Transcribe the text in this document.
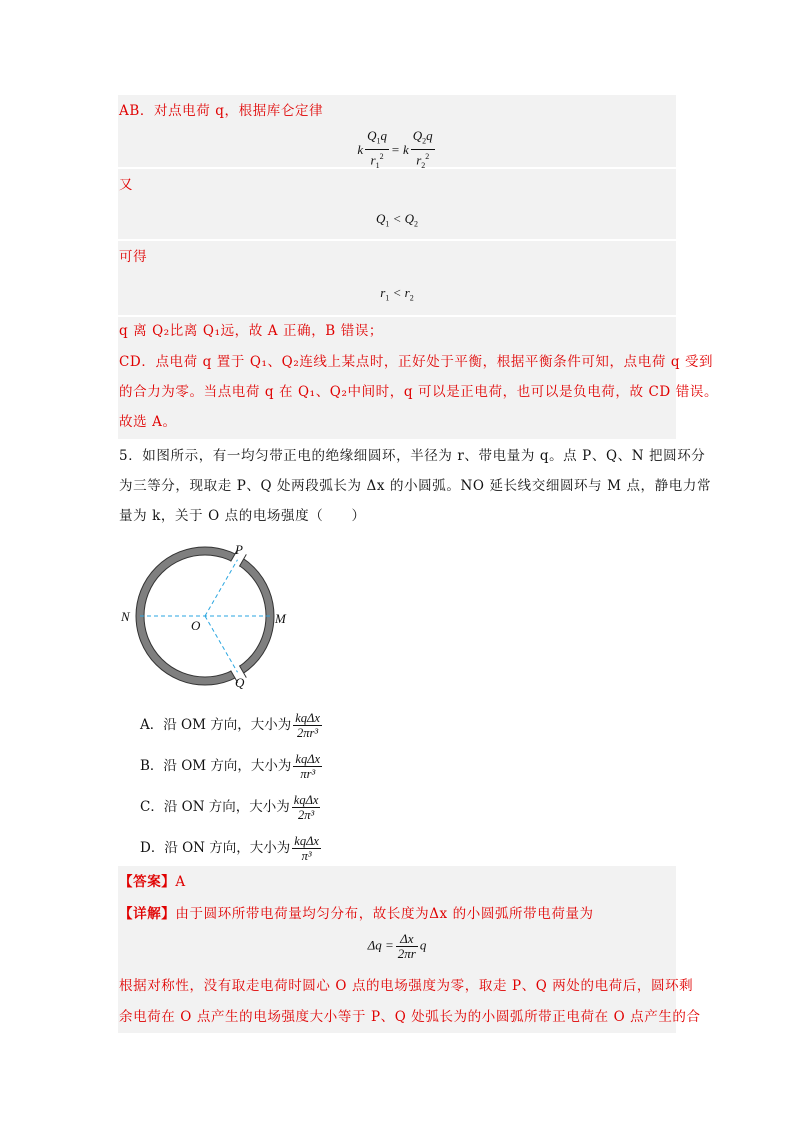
AB．对点电荷 q，根据库仑定律
k $\frac{Q_1q}{r_1^2} = k \frac{Q_2q}{r_2^2}$
又
$Q_1 < Q_2$
可得
$r_1 < r_2$
q 离 Q₂比离 Q₁远，故 A 正确，B 错误；
CD．点电荷 q 置于 Q₁、Q₂连线上某点时，正好处于平衡，根据平衡条件可知，点电荷 q 受到
的合力为零。当点电荷 q 在 Q₁、Q₂中间时，q 可以是正电荷，也可以是负电荷，故 CD 错误。
故选 A。
5．如图所示，有一均匀带正电的绝缘细圆环，半径为 r、带电量为 q。点 P、Q、N 把圆环分
为三等分，现取走 P、Q 处两段弧长为 Δx 的小圆弧。NO 延长线交细圆环与 M 点，静电力常
量为 k，关于 O 点的电场强度（　　）
P
Q
N	M
O
A．沿 OM 方向，大小为 $\frac{\text{kqΔx}}{\text{2πr³}}$
B．沿 OM 方向，大小为 $\frac{\text{kqΔx}}{\text{πr³}}$
C．沿 ON 方向，大小为 $\frac{\text{kqΔx}}{\text{2π³}}$
D．沿 ON 方向，大小为 $\frac{\text{kqΔx}}{\text{π³}}$
【答案】A
【详解】由于圆环所带电荷量均匀分布，故长度为Δx 的小圆弧所带电荷量为
$\Delta q = \frac{\Delta x}{2\pi r}$ q
根据对称性，没有取走电荷时圆心 O 点的电场强度为零，取走 P、Q 两处的电荷后，圆环剩
余电荷在 O 点产生的电场强度大小等于 P、Q 处弧长为的小圆弧所带正电荷在 O 点产生的合
